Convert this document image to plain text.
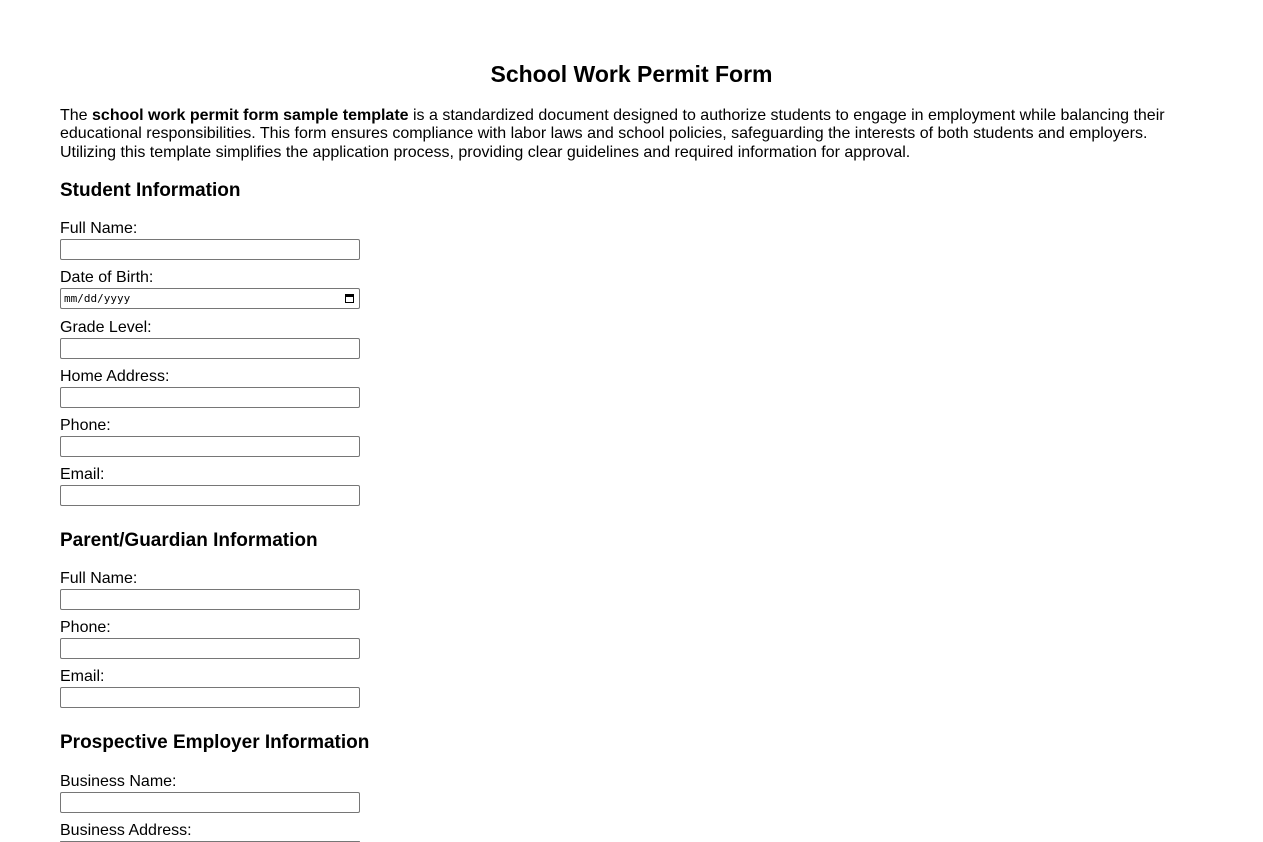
School Work Permit Form

The school work permit form sample template is a standardized document designed to authorize students to engage in employment while balancing their educational responsibilities. This form ensures compliance with labor laws and school policies, safeguarding the interests of both students and employers. Utilizing this template simplifies the application process, providing clear guidelines and required information for approval.

Student Information
Full Name:
Date of Birth:
mm/dd/yyyy
Grade Level:
Home Address:
Phone:
Email:
Parent/Guardian Information
Full Name:
Phone:
Email:
Prospective Employer Information
Business Name:
Business Address:
